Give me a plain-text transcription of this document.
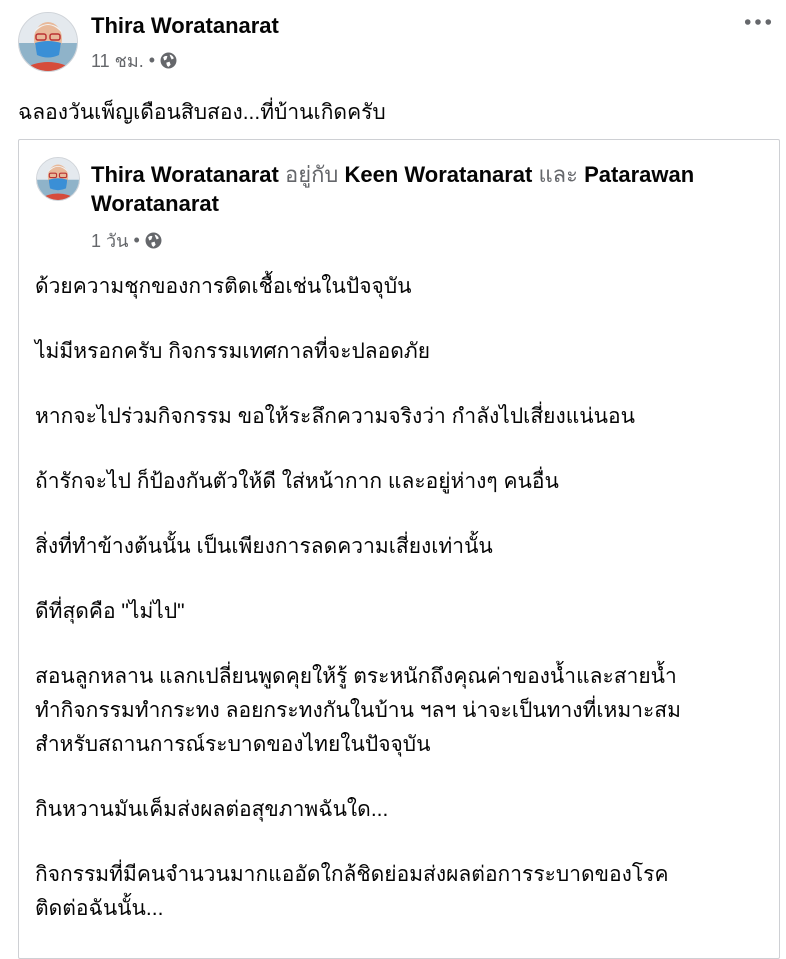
Thira Woratanarat
11 ชม. •
ฉลองวันเพ็ญเดือนสิบสอง...ที่บ้านเกิดครับ
Thira Woratanarat อยู่กับ Keen Woratanarat และ Patarawan Woratanarat
1 วัน •
ด้วยความชุกของการติดเชื้อเช่นในปัจจุบัน
ไม่มีหรอกครับ กิจกรรมเทศกาลที่จะปลอดภัย
หากจะไปร่วมกิจกรรม ขอให้ระลึกความจริงว่า กำลังไปเสี่ยงแน่นอน
ถ้ารักจะไป ก็ป้องกันตัวให้ดี ใส่หน้ากาก และอยู่ห่างๆ คนอื่น
สิ่งที่ทำข้างต้นนั้น เป็นเพียงการลดความเสี่ยงเท่านั้น
ดีที่สุดคือ "ไม่ไป"
สอนลูกหลาน แลกเปลี่ยนพูดคุยให้รู้ ตระหนักถึงคุณค่าของน้ำและสายน้ำ
ทำกิจกรรมทำกระทง ลอยกระทงกันในบ้าน ฯลฯ น่าจะเป็นทางที่เหมาะสม
สำหรับสถานการณ์ระบาดของไทยในปัจจุบัน
กินหวานมันเค็มส่งผลต่อสุขภาพฉันใด...
กิจกรรมที่มีคนจำนวนมากแออัดใกล้ชิดย่อมส่งผลต่อการระบาดของโรค
ติดต่อฉันนั้น...
